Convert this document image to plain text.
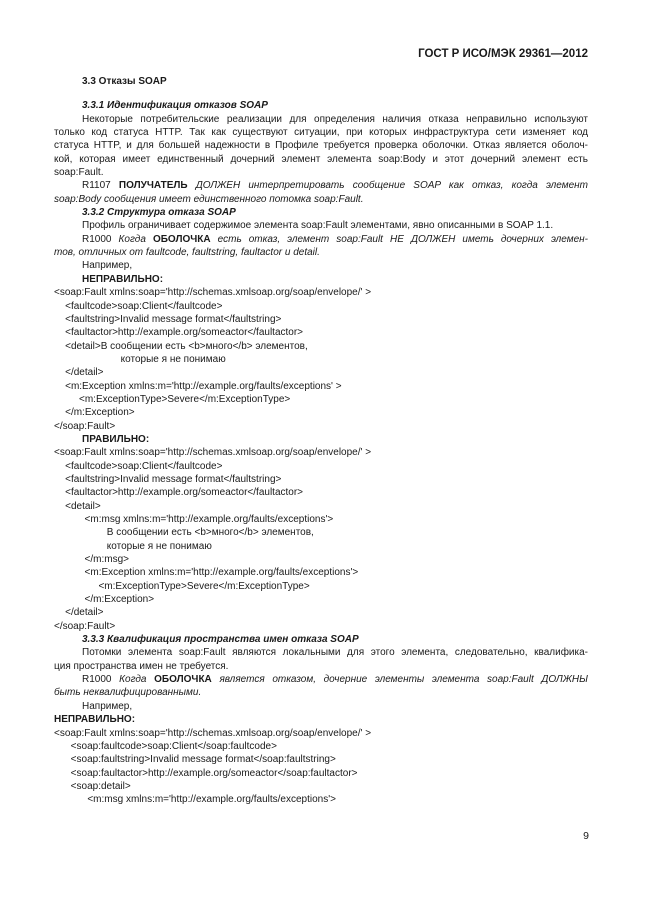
ГОСТ Р ИСО/МЭК 29361—2012
3.3 Отказы SOAP
3.3.1 Идентификация отказов SOAP
Некоторые потребительские реализации для определения наличия отказа неправильно используют
только код статуса HTTP. Так как существуют ситуации, при которых инфраструктура сети изменяет код
статуса HTTP, и для большей надежности в Профиле требуется проверка оболочки. Отказ является оболоч-
кой, которая имеет единственный дочерний элемент элемента soap:Body и этот дочерний элемент есть
soap:Fault.
R1107 ПОЛУЧАТЕЛЬ ДОЛЖЕН интерпретировать сообщение SOAP как отказ, когда элемент
soap:Body сообщения имеет единственного потомка soap:Fault.
3.3.2 Структура отказа SOAP
Профиль ограничивает содержимое элемента soap:Fault элементами, явно описанными в SOAP 1.1.
R1000 Когда ОБОЛОЧКА есть отказ, элемент soap:Fault НЕ ДОЛЖЕН иметь дочерних элемен-
тов, отличных от faultcode, faultstring, faultactor и detail.
Например,
НЕПРАВИЛЬНО:
<soap:Fault xmlns:soap='http://schemas.xmlsoap.org/soap/envelope/' >
<faultcode>soap:Client</faultcode>
<faultstring>Invalid message format</faultstring>
<faultactor>http://example.org/someactor</faultactor>
<detail>В сообщении есть <b>много</b> элементов,
которые я не понимаю
</detail>
<m:Exception xmlns:m='http://example.org/faults/exceptions' >
<m:ExceptionType>Severe</m:ExceptionType>
</m:Exception>
</soap:Fault>
ПРАВИЛЬНО:
<soap:Fault xmlns:soap='http://schemas.xmlsoap.org/soap/envelope/' >
<faultcode>soap:Client</faultcode>
<faultstring>Invalid message format</faultstring>
<faultactor>http://example.org/someactor</faultactor>
<detail>
<m:msg xmlns:m='http://example.org/faults/exceptions'>
В сообщении есть <b>много</b> элементов,
которые я не понимаю
</m:msg>
<m:Exception xmlns:m='http://example.org/faults/exceptions'>
<m:ExceptionType>Severe</m:ExceptionType>
</m:Exception>
</detail>
</soap:Fault>
3.3.3 Квалификация пространства имен отказа SOAP
Потомки элемента soap:Fault являются локальными для этого элемента, следовательно, квалифика-
ция пространства имен не требуется.
R1000 Когда ОБОЛОЧКА является отказом, дочерние элементы элемента soap:Fault ДОЛЖНЫ
быть неквалифицированными.
Например,
НЕПРАВИЛЬНО:
<soap:Fault xmlns:soap='http://schemas.xmlsoap.org/soap/envelope/' >
<soap:faultcode>soap:Client</soap:faultcode>
<soap:faultstring>Invalid message format</soap:faultstring>
<soap:faultactor>http://example.org/someactor</soap:faultactor>
<soap:detail>
<m:msg xmlns:m='http://example.org/faults/exceptions'>
9
